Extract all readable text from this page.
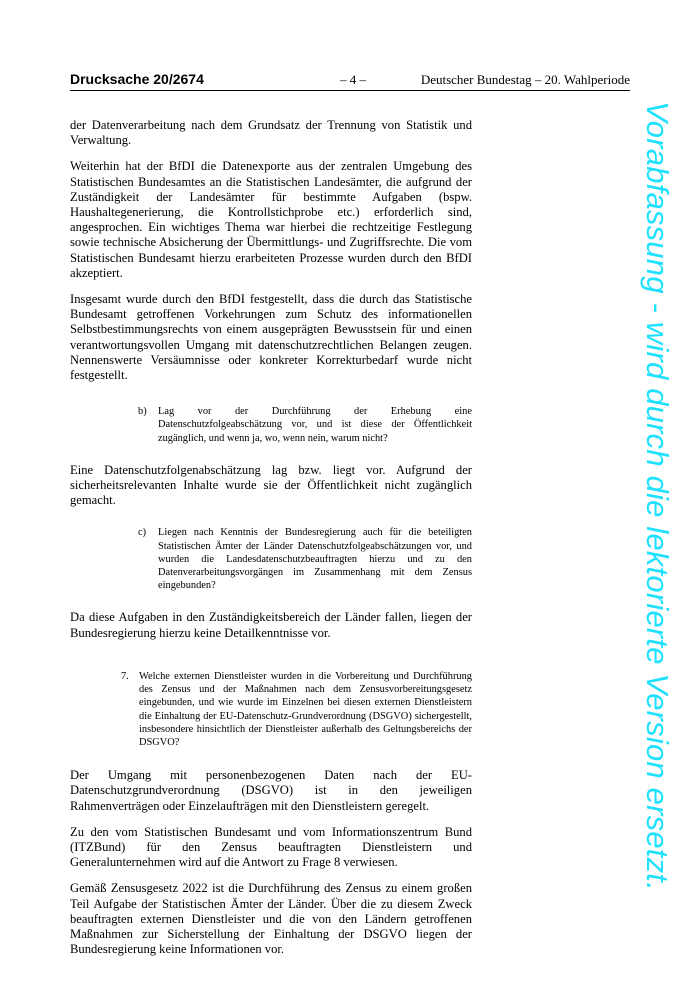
Drucksache 20/2674	– 4 –	Deutscher Bundestag – 20. Wahlperiode

der Datenverarbeitung nach dem Grundsatz der Trennung von Statistik und Verwaltung.

Weiterhin hat der BfDI die Datenexporte aus der zentralen Umgebung des Statistischen Bundesamtes an die Statistischen Landesämter, die aufgrund der Zuständigkeit der Landesämter für bestimmte Aufgaben (bspw. Haushaltegenerierung, die Kontrollstichprobe etc.) erforderlich sind, angesprochen. Ein wichtiges Thema war hierbei die rechtzeitige Festlegung sowie technische Absicherung der Übermittlungs- und Zugriffsrechte. Die vom Statistischen Bundesamt hierzu erarbeiteten Prozesse wurden durch den BfDI akzeptiert.

Insgesamt wurde durch den BfDI festgestellt, dass die durch das Statistische Bundesamt getroffenen Vorkehrungen zum Schutz des informationellen Selbstbestimmungsrechts von einem ausgeprägten Bewusstsein für und einen verantwortungsvollen Umgang mit datenschutzrechtlichen Belangen zeugen. Nennenswerte Versäumnisse oder konkreter Korrekturbedarf wurde nicht festgestellt.

b)	Lag vor der Durchführung der Erhebung eine Datenschutzfolgeabschätzung vor, und ist diese der Öffentlichkeit zugänglich, und wenn ja, wo, wenn nein, warum nicht?

Eine Datenschutzfolgenabschätzung lag bzw. liegt vor. Aufgrund der sicherheitsrelevanten Inhalte wurde sie der Öffentlichkeit nicht zugänglich gemacht.

c)	Liegen nach Kenntnis der Bundesregierung auch für die beteiligten Statistischen Ämter der Länder Datenschutzfolgeabschätzungen vor, und wurden die Landesdatenschutzbeauftragten hierzu und zu den Datenverarbeitungsvorgängen im Zusammenhang mit dem Zensus eingebunden?

Da diese Aufgaben in den Zuständigkeitsbereich der Länder fallen, liegen der Bundesregierung hierzu keine Detailkenntnisse vor.

7. Welche externen Dienstleister wurden in die Vorbereitung und Durchführung des Zensus und der Maßnahmen nach dem Zensusvorbereitungsgesetz eingebunden, und wie wurde im Einzelnen bei diesen externen Dienstleistern die Einhaltung der EU-Datenschutz-Grundverordnung (DSGVO) sichergestellt, insbesondere hinsichtlich der Dienstleister außerhalb des Geltungsbereichs der DSGVO?

Der Umgang mit personenbezogenen Daten nach der EU-Datenschutzgrundverordnung (DSGVO) ist in den jeweiligen Rahmenverträgen oder Einzelaufträgen mit den Dienstleistern geregelt.

Zu den vom Statistischen Bundesamt und vom Informationszentrum Bund (ITZBund) für den Zensus beauftragten Dienstleistern und Generalunternehmen wird auf die Antwort zu Frage 8 verwiesen.

Gemäß Zensusgesetz 2022 ist die Durchführung des Zensus zu einem großen Teil Aufgabe der Statistischen Ämter der Länder. Über die zu diesem Zweck beauftragten externen Dienstleister und die von den Ländern getroffenen Maßnahmen zur Sicherstellung der Einhaltung der DSGVO liegen der Bundesregierung keine Informationen vor.

Vorabfassung - wird durch die lektorierte Version ersetzt.
